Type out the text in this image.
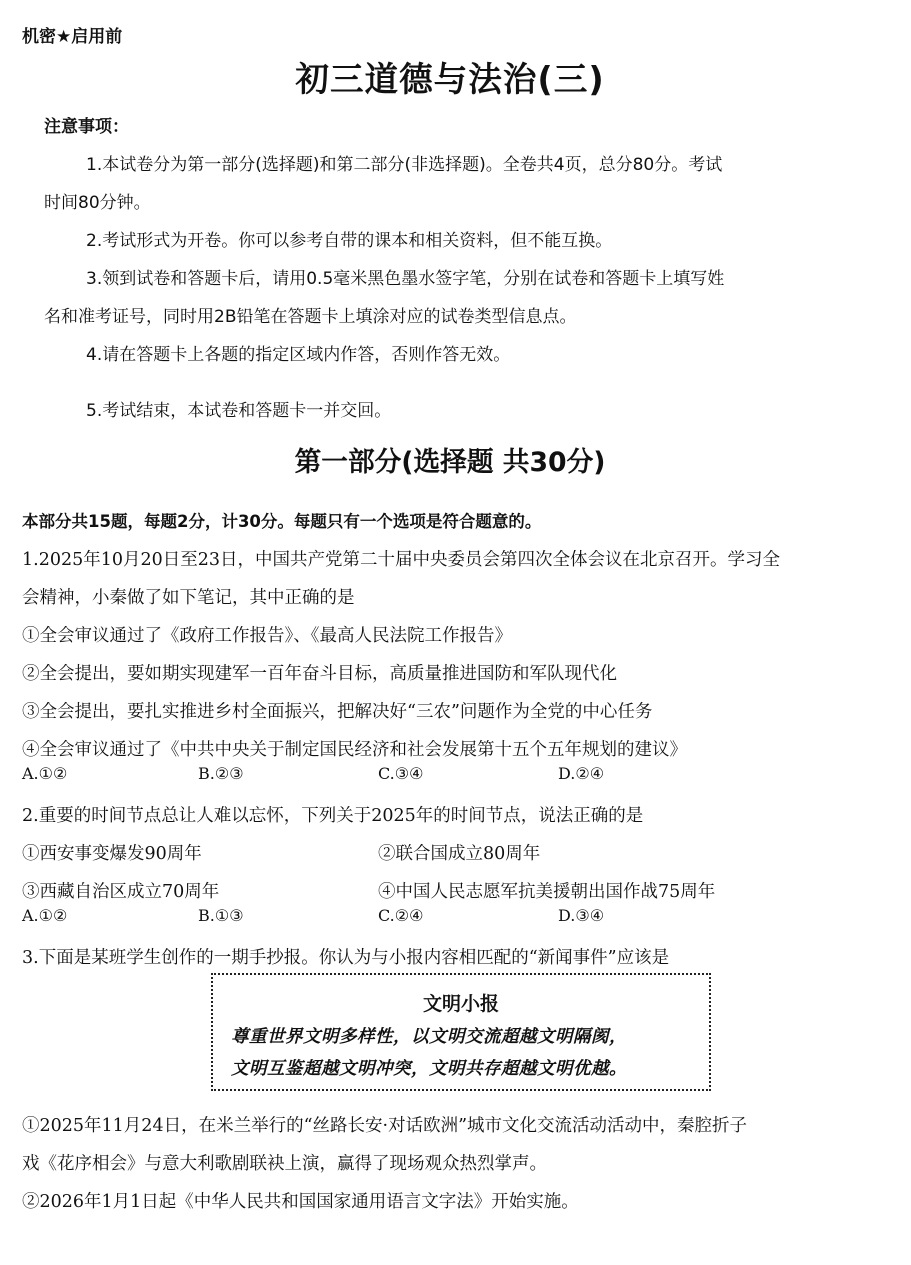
机密★启用前
初三道德与法治(三)
注意事项：
1.本试卷分为第一部分(选择题)和第二部分(非选择题)。全卷共4页，总分80分。考试
时间80分钟。
2.考试形式为开卷。你可以参考自带的课本和相关资料，但不能互换。
3.领到试卷和答题卡后，请用0.5毫米黑色墨水签字笔，分别在试卷和答题卡上填写姓
名和准考证号，同时用2B铅笔在答题卡上填涂对应的试卷类型信息点。
4.请在答题卡上各题的指定区域内作答，否则作答无效。
5.考试结束，本试卷和答题卡一并交回。
第一部分(选择题 共30分)
本部分共15题，每题2分，计30分。每题只有一个选项是符合题意的。
1.2025年10月20日至23日，中国共产党第二十届中央委员会第四次全体会议在北京召开。学习全
会精神，小秦做了如下笔记，其中正确的是
①全会审议通过了《政府工作报告》、《最高人民法院工作报告》
②全会提出，要如期实现建军一百年奋斗目标，高质量推进国防和军队现代化
③全会提出，要扎实推进乡村全面振兴，把解决好“三农”问题作为全党的中心任务
④全会审议通过了《中共中央关于制定国民经济和社会发展第十五个五年规划的建议》
A.①②	B.②③	C.③④	D.②④
2.重要的时间节点总让人难以忘怀，下列关于2025年的时间节点，说法正确的是
①西安事变爆发90周年	②联合国成立80周年
③西藏自治区成立70周年	④中国人民志愿军抗美援朝出国作战75周年
A.①②	B.①③	C.②④	D.③④
3.下面是某班学生创作的一期手抄报。你认为与小报内容相匹配的“新闻事件”应该是
文明小报
尊重世界文明多样性，以文明交流超越文明隔阂，
文明互鉴超越文明冲突，文明共存超越文明优越。
①2025年11月24日，在米兰举行的“丝路长安·对话欧洲”城市文化交流活动活动中，秦腔折子
戏《花序相会》与意大利歌剧联袂上演，赢得了现场观众热烈掌声。
②2026年1月1日起《中华人民共和国国家通用语言文字法》开始实施。
